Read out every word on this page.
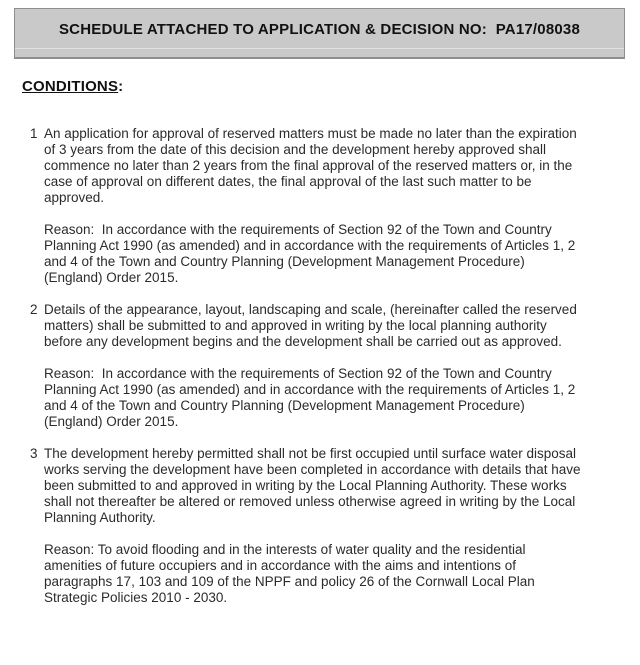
SCHEDULE ATTACHED TO APPLICATION & DECISION NO:  PA17/08038
CONDITIONS:
1 An application for approval of reserved matters must be made no later than the expiration of 3 years from the date of this decision and the development hereby approved shall commence no later than 2 years from the final approval of the reserved matters or, in the case of approval on different dates, the final approval of the last such matter to be approved.

Reason:  In accordance with the requirements of Section 92 of the Town and Country Planning Act 1990 (as amended) and in accordance with the requirements of Articles 1, 2 and 4 of the Town and Country Planning (Development Management Procedure) (England) Order 2015.

2 Details of the appearance, layout, landscaping and scale, (hereinafter called the reserved matters) shall be submitted to and approved in writing by the local planning authority before any development begins and the development shall be carried out as approved.

Reason:  In accordance with the requirements of Section 92 of the Town and Country Planning Act 1990 (as amended) and in accordance with the requirements of Articles 1, 2 and 4 of the Town and Country Planning (Development Management Procedure) (England) Order 2015.

3 The development hereby permitted shall not be first occupied until surface water disposal works serving the development have been completed in accordance with details that have been submitted to and approved in writing by the Local Planning Authority. These works shall not thereafter be altered or removed unless otherwise agreed in writing by the Local Planning Authority.

Reason: To avoid flooding and in the interests of water quality and the residential amenities of future occupiers and in accordance with the aims and intentions of paragraphs 17, 103 and 109 of the NPPF and policy 26 of the Cornwall Local Plan Strategic Policies 2010 - 2030.
